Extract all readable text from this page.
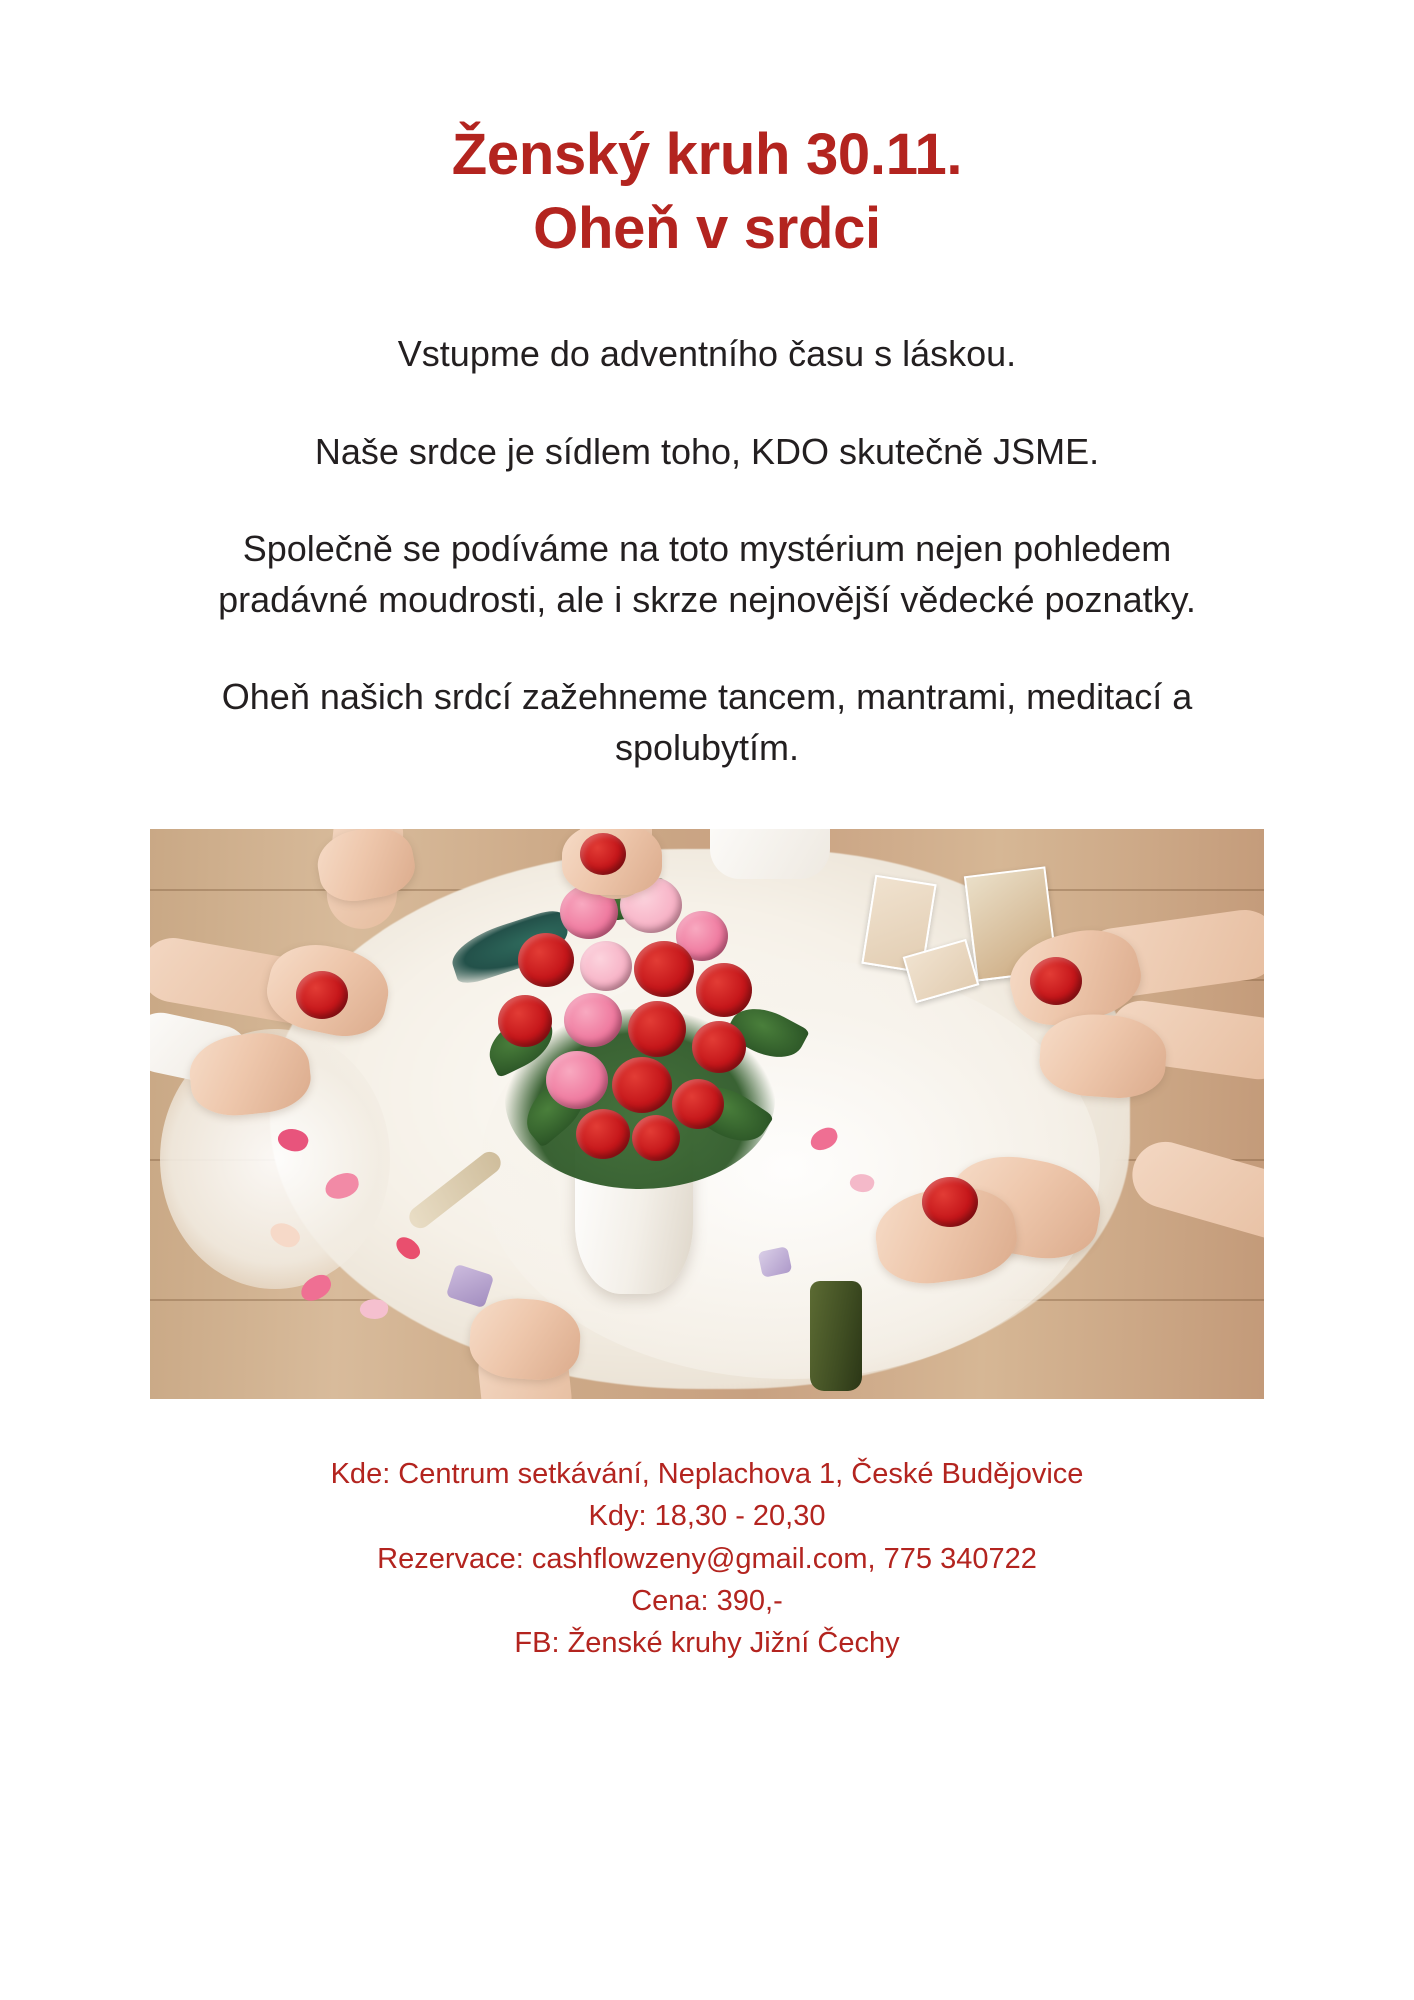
Ženský kruh 30.11.
Oheň v srdci

Vstupme do adventního času s láskou.

Naše srdce je sídlem toho, KDO skutečně JSME.

Společně se podíváme na toto mystérium nejen pohledem pradávné moudrosti, ale i skrze nejnovější vědecké poznatky.

Oheň našich srdcí zažehneme tancem, mantrami, meditací a spolubytím.

Kde: Centrum setkávání, Neplachova 1, České Budějovice

Kdy: 18,30 - 20,30

Rezervace: cashflowzeny@gmail.com, 775 340722

Cena: 390,-

FB: Ženské kruhy Jižní Čechy
